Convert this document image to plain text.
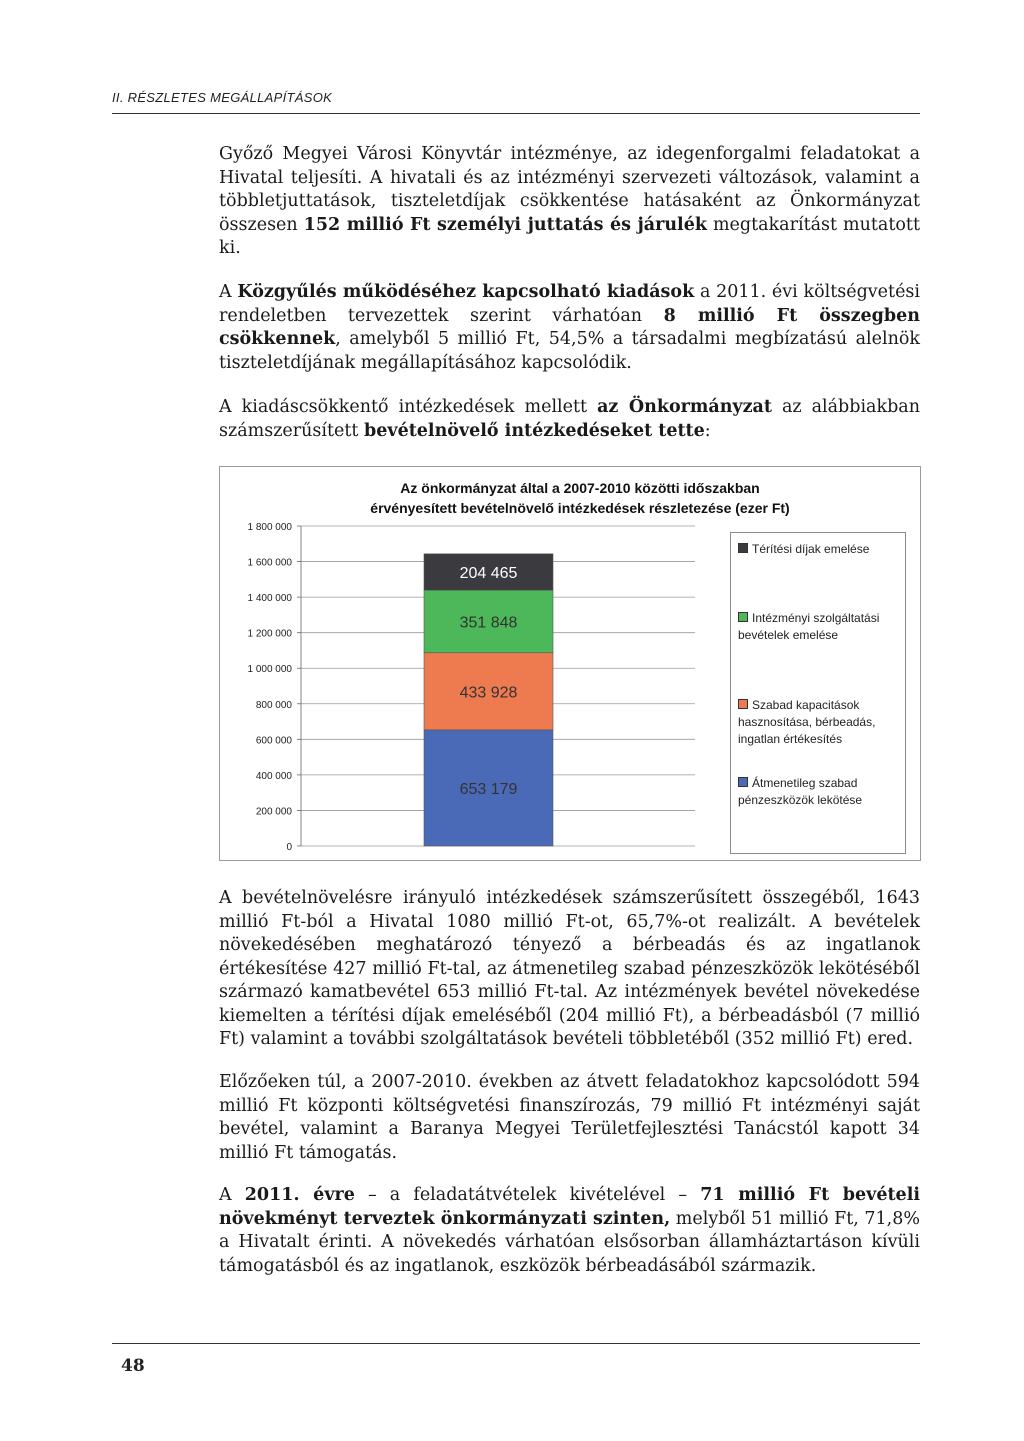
II. RÉSZLETES MEGÁLLAPÍTÁSOK
Győző Megyei Városi Könyvtár intézménye, az idegenforgalmi feladatokat a Hivatal teljesíti. A hivatali és az intézményi szervezeti változások, valamint a többletjuttatások, tiszteletdíjak csökkentése hatásaként az Önkormányzat összesen 152 millió Ft személyi juttatás és járulék megtakarítást mutatott ki.
A Közgyűlés működéséhez kapcsolható kiadások a 2011. évi költségvetési rendeletben tervezettek szerint várhatóan 8 millió Ft összegben csökkennek, amelyből 5 millió Ft, 54,5% a társadalmi megbízatású alelnök tiszteletdíjának megállapításához kapcsolódik.
A kiadáscsökkentő intézkedések mellett az Önkormányzat az alábbiakban számszerűsített bevételnövelő intézkedéseket tette:
0
200 000
400 000
600 000
800 000
1 000 000
1 200 000
1 400 000
1 600 000
1 800 000
653 179
433 928
351 848
204 465
Az önkormányzat által a 2007-2010 közötti időszakban
érvényesített bevételnövelő intézkedések részletezése (ezer Ft)
Térítési díjak emelése
Intézményi szolgáltatási bevételek emelése
Szabad kapacitások hasznosítása, bérbeadás, ingatlan értékesítés
Átmenetileg szabad pénzeszközök lekötése
A bevételnövelésre irányuló intézkedések számszerűsített összegéből, 1643 millió Ft-ból a Hivatal 1080 millió Ft-ot, 65,7%-ot realizált. A bevételek növekedésében meghatározó tényező a bérbeadás és az ingatlanok értékesítése 427 millió Ft-tal, az átmenetileg szabad pénzeszközök lekötéséből származó kamatbevétel 653 millió Ft-tal. Az intézmények bevétel növekedése kiemelten a térítési díjak emeléséből (204 millió Ft), a bérbeadásból (7 millió Ft) valamint a további szolgáltatások bevételi többletéből (352 millió Ft) ered.
Előzőeken túl, a 2007-2010. években az átvett feladatokhoz kapcsolódott 594 millió Ft központi költségvetési finanszírozás, 79 millió Ft intézményi saját bevétel, valamint a Baranya Megyei Területfejlesztési Tanácstól kapott 34 millió Ft támogatás.
A 2011. évre – a feladatátvételek kivételével – 71 millió Ft bevételi növekményt terveztek önkormányzati szinten, melyből 51 millió Ft, 71,8% a Hivatalt érinti. A növekedés várhatóan elsősorban államháztartáson kívüli támogatásból és az ingatlanok, eszközök bérbeadásából származik.
48
